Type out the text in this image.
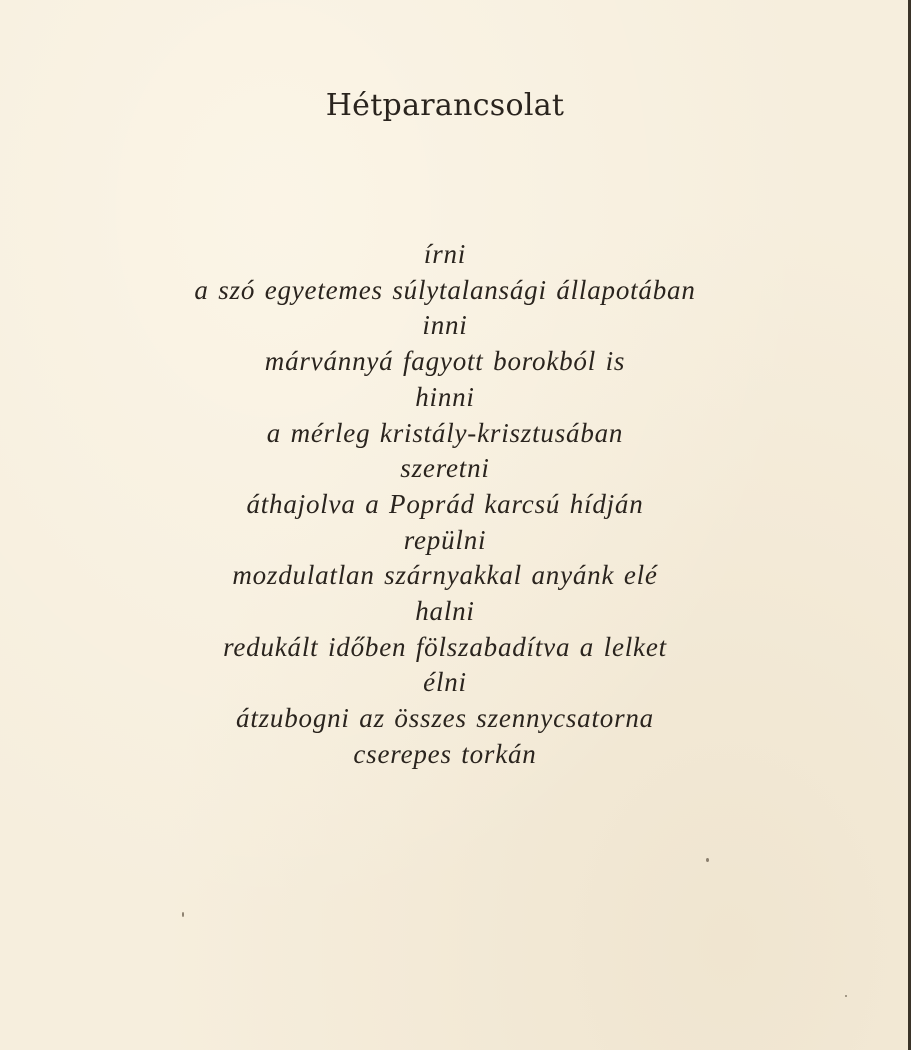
Hétparancsolat
írni
a szó egyetemes súlytalansági állapotában
inni
márvánnyá fagyott borokból is
hinni
a mérleg kristály-krisztusában
szeretni
áthajolva a Poprád karcsú hídján
repülni
mozdulatlan szárnyakkal anyánk elé
halni
redukált időben fölszabadítva a lelket
élni
átzubogni az összes szennycsatorna
cserepes torkán
